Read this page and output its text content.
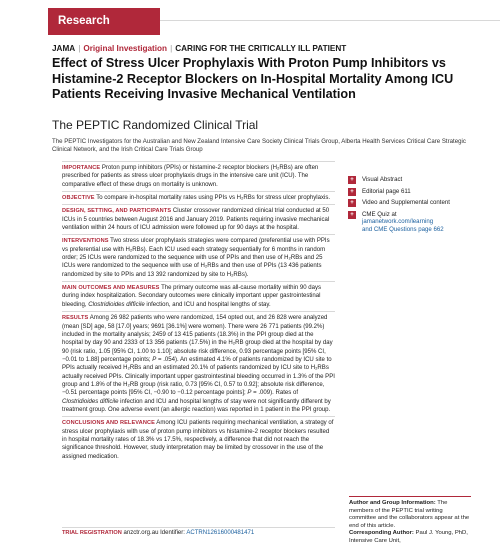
Research
JAMA | Original Investigation | CARING FOR THE CRITICALLY ILL PATIENT
Effect of Stress Ulcer Prophylaxis With Proton Pump Inhibitors vs Histamine-2 Receptor Blockers on In-Hospital Mortality Among ICU Patients Receiving Invasive Mechanical Ventilation
The PEPTIC Randomized Clinical Trial
The PEPTIC Investigators for the Australian and New Zealand Intensive Care Society Clinical Trials Group, Alberta Health Services Critical Care Strategic Clinical Network, and the Irish Critical Care Trials Group
IMPORTANCE Proton pump inhibitors (PPIs) or histamine-2 receptor blockers (H₂RBs) are often prescribed for patients as stress ulcer prophylaxis drugs in the intensive care unit (ICU). The comparative effect of these drugs on mortality is unknown.
OBJECTIVE To compare in-hospital mortality rates using PPIs vs H₂RBs for stress ulcer prophylaxis.
DESIGN, SETTING, AND PARTICIPANTS Cluster crossover randomized clinical trial conducted at 50 ICUs in 5 countries between August 2016 and January 2019. Patients requiring invasive mechanical ventilation within 24 hours of ICU admission were followed up for 90 days at the hospital.
INTERVENTIONS Two stress ulcer prophylaxis strategies were compared (preferential use with PPIs vs preferential use with H₂RBs). Each ICU used each strategy sequentially for 6 months in random order; 25 ICUs were randomized to the sequence with use of PPIs and then use of H₂RBs and 25 ICUs were randomized to the sequence with use of H₂RBs and then use of PPIs (13 436 patients randomized by site to PPIs and 13 392 randomized by site to H₂RBs).
MAIN OUTCOMES AND MEASURES The primary outcome was all-cause mortality within 90 days during index hospitalization. Secondary outcomes were clinically important upper gastrointestinal bleeding, Clostridioides difficile infection, and ICU and hospital lengths of stay.
RESULTS Among 26 982 patients who were randomized, 154 opted out, and 26 828 were analyzed (mean [SD] age, 58 [17.0] years; 9691 [36.1%] were women). There were 26 771 patients (99.2%) included in the mortality analysis; 2459 of 13 415 patients (18.3%) in the PPI group died at the hospital by day 90 and 2333 of 13 356 patients (17.5%) in the H₂RB group died at the hospital by day 90 (risk ratio, 1.05 [95% CI, 1.00 to 1.10]; absolute risk difference, 0.93 percentage points [95% CI, −0.01 to 1.88] percentage points; P = .054). An estimated 4.1% of patients randomized by ICU site to PPIs actually received H₂RBs and an estimated 20.1% of patients randomized by ICU site to H₂RBs actually received PPIs. Clinically important upper gastrointestinal bleeding occurred in 1.3% of the PPI group and 1.8% of the H₂RB group (risk ratio, 0.73 [95% CI, 0.57 to 0.92]; absolute risk difference, −0.51 percentage points [95% CI, −0.90 to −0.12 percentage points]; P = .009). Rates of Clostridioides difficile infection and ICU and hospital lengths of stay were not significantly different by treatment group. One adverse event (an allergic reaction) was reported in 1 patient in the PPI group.
CONCLUSIONS AND RELEVANCE Among ICU patients requiring mechanical ventilation, a strategy of stress ulcer prophylaxis with use of proton pump inhibitors vs histamine-2 receptor blockers resulted in hospital mortality rates of 18.3% vs 17.5%, respectively, a difference that did not reach the significance threshold. However, study interpretation may be limited by crossover in the use of the assigned medication.
TRIAL REGISTRATION anzctr.org.au Identifier: ACTRN12616000481471
+	Visual Abstract
+	Editorial page 611
+	Video and Supplemental content
+	CME Quiz at
jamanetwork.com/learning
and CME Questions page 662
Author and Group Information: The members of the PEPTIC trial writing committee and the collaborators appear at the end of this article.
Corresponding Author: Paul J. Young, PhD, Intensive Care Unit,
